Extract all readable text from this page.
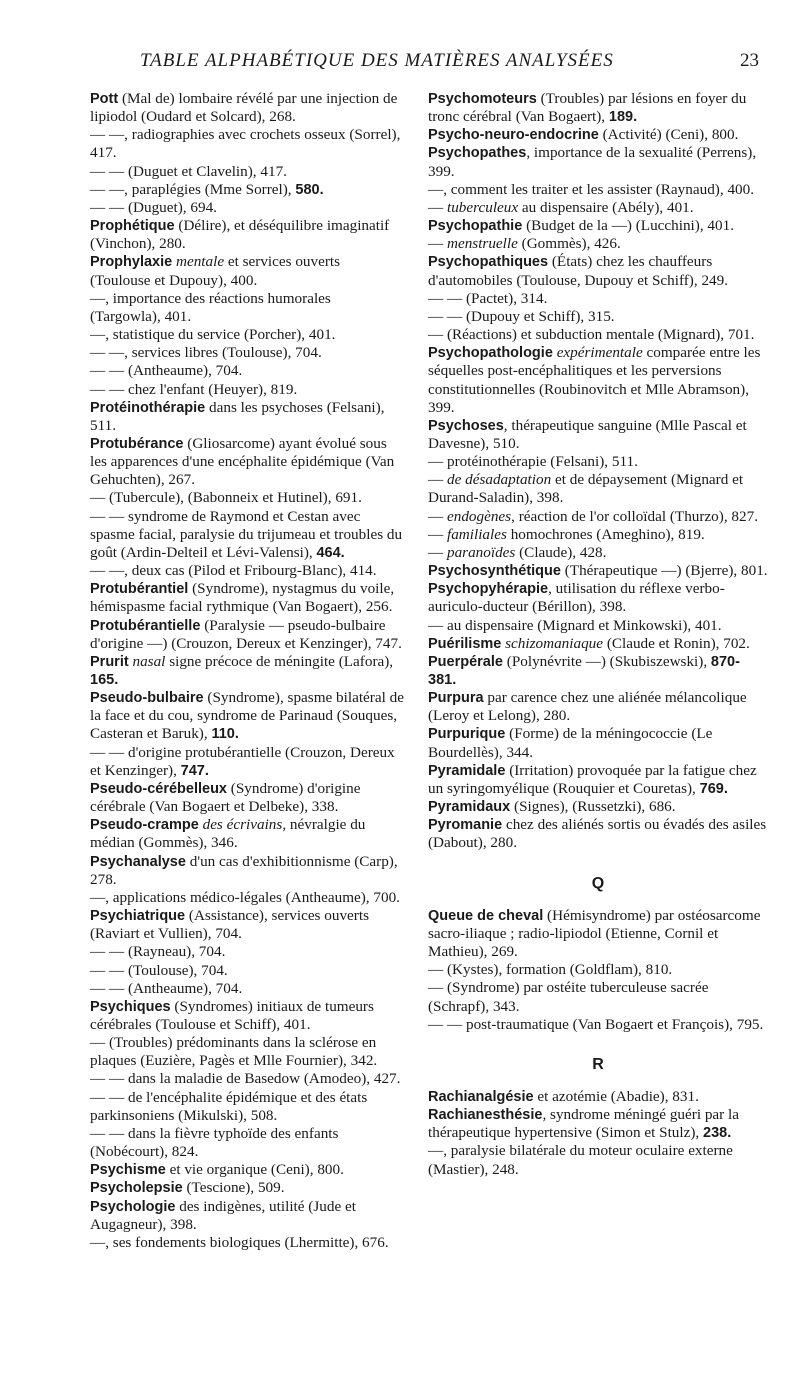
TABLE ALPHABÉTIQUE DES MATIÈRES ANALYSÉES	23
Pott (Mal de) lombaire révélé par une injection de lipiodol (Oudard et Solcard), 268.
— —, radiographies avec crochets osseux (Sorrel), 417.
— — (Duguet et Clavelin), 417.
— —, paraplégies (Mme Sorrel), 580.
— — (Duguet), 694.
Prophétique (Délire), et déséquilibre imaginatif (Vinchon), 280.
Prophylaxie mentale et services ouverts (Toulouse et Dupouy), 400.
—, importance des réactions humorales (Targowla), 401.
—, statistique du service (Porcher), 401.
— —, services libres (Toulouse), 704.
— — (Antheaume), 704.
— — chez l'enfant (Heuyer), 819.
Protéinothérapie dans les psychoses (Felsani), 511.
Protubérance (Gliosarcome) ayant évolué sous les apparences d'une encéphalite épidémique (Van Gehuchten), 267.
— (Tubercule), (Babonneix et Hutinel), 691.
— — syndrome de Raymond et Cestan avec spasme facial, paralysie du trijumeau et troubles du goût (Ardin-Delteil et Lévi-Valensi), 464.
— —, deux cas (Pilod et Fribourg-Blanc), 414.
Protubérantiel (Syndrome), nystagmus du voile, hémispasme facial rythmique (Van Bogaert), 256.
Protubérantielle (Paralysie — pseudo-bulbaire d'origine —) (Crouzon, Dereux et Kenzinger), 747.
Prurit nasal signe précoce de méningite (Lafora), 165.
Pseudo-bulbaire (Syndrome), spasme bilatéral de la face et du cou, syndrome de Parinaud (Souques, Casteran et Baruk), 110.
— — d'origine protubérantielle (Crouzon, Dereux et Kenzinger), 747.
Pseudo-cérébelleux (Syndrome) d'origine cérébrale (Van Bogaert et Delbeke), 338.
Pseudo-crampe des écrivains, névralgie du médian (Gommès), 346.
Psychanalyse d'un cas d'exhibitionnisme (Carp), 278.
—, applications médico-légales (Antheaume), 700.
Psychiatrique (Assistance), services ouverts (Raviart et Vullien), 704.
— — (Rayneau), 704.
— — (Toulouse), 704.
— — (Antheaume), 704.
Psychiques (Syndromes) initiaux de tumeurs cérébrales (Toulouse et Schiff), 401.
— (Troubles) prédominants dans la sclérose en plaques (Euzière, Pagès et Mlle Fournier), 342.
— — dans la maladie de Basedow (Amodeo), 427.
— — de l'encéphalite épidémique et des états parkinsoniens (Mikulski), 508.
— — dans la fièvre typhoïde des enfants (Nobécourt), 824.
Psychisme et vie organique (Ceni), 800.
Psycholepsie (Tescione), 509.
Psychologie des indigènes, utilité (Jude et Augagneur), 398.
—, ses fondements biologiques (Lhermitte), 676.
Psychomoteurs (Troubles) par lésions en foyer du tronc cérébral (Van Bogaert), 189.
Psycho-neuro-endocrine (Activité) (Ceni), 800.
Psychopathes, importance de la sexualité (Perrens), 399.
—, comment les traiter et les assister (Raynaud), 400.
— tuberculeux au dispensaire (Abély), 401.
Psychopathie (Budget de la —) (Lucchini), 401.
— menstruelle (Gommès), 426.
Psychopathiques (États) chez les chauffeurs d'automobiles (Toulouse, Dupouy et Schiff), 249.
— — (Pactet), 314.
— — (Dupouy et Schiff), 315.
— (Réactions) et subduction mentale (Mignard), 701.
Psychopathologie expérimentale comparée entre les séquelles post-encéphalitiques et les perversions constitutionnelles (Roubinovitch et Mlle Abramson), 399.
Psychoses, thérapeutique sanguine (Mlle Pascal et Davesne), 510.
— protéinothérapie (Felsani), 511.
— de désadaptation et de dépaysement (Mignard et Durand-Saladin), 398.
— endogènes, réaction de l'or colloïdal (Thurzo), 827.
— familiales homochrones (Ameghino), 819.
— paranoïdes (Claude), 428.
Psychosynthétique (Thérapeutique —) (Bjerre), 801.
Psychopyhérapie, utilisation du réflexe verbo-auriculo-ducteur (Bérillon), 398.
— au dispensaire (Mignard et Minkowski), 401.
Puérilisme schizomaniaque (Claude et Ronin), 702.
Puerpérale (Polynévrite —) (Skubiszewski), 870-381.
Purpura par carence chez une aliénée mélancolique (Leroy et Lelong), 280.
Purpurique (Forme) de la méningococcie (Le Bourdellès), 344.
Pyramidale (Irritation) provoquée par la fatigue chez un syringomyélique (Rouquier et Couretas), 769.
Pyramidaux (Signes), (Russetzki), 686.
Pyromanie chez des aliénés sortis ou évadés des asiles (Dabout), 280.
Q
Queue de cheval (Hémisyndrome) par ostéosarcome sacro-iliaque ; radio-lipiodol (Etienne, Cornil et Mathieu), 269.
— (Kystes), formation (Goldflam), 810.
— (Syndrome) par ostéite tuberculeuse sacrée (Schrapf), 343.
— — post-traumatique (Van Bogaert et François), 795.
R
Rachianalgésie et azotémie (Abadie), 831.
Rachianesthésie, syndrome méningé guéri par la thérapeutique hypertensive (Simon et Stulz), 238.
—, paralysie bilatérale du moteur oculaire externe (Mastier), 248.
